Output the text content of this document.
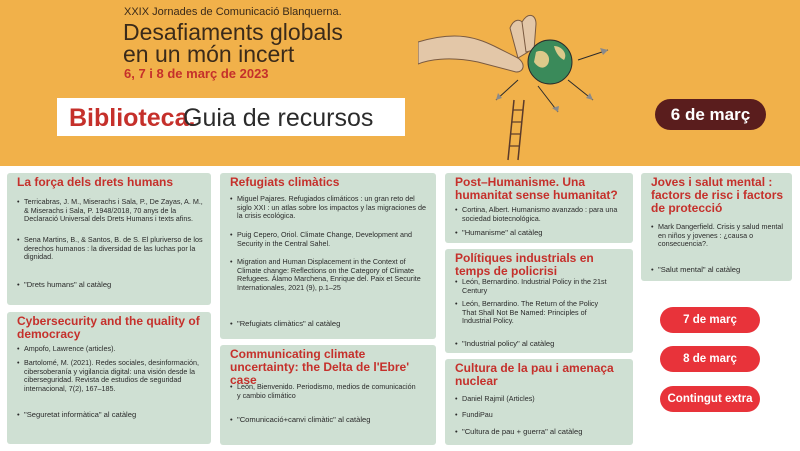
XXIX Jornades de Comunicació Blanquerna.
Desafiaments globals
en un món incert
6, 7 i 8 de març de 2023
Biblioteca.
Guia de recursos	6 de març
La força dels drets humans
• Terricabras, J. M., Miserachs i Sala, P., De Zayas, A. M., & Miserachs i Sala, P. 1948/2018, 70 anys de la Declaració Universal dels Drets Humans i texts afins.
• Sena Martins, B., & Santos, B. de S. El pluriverso de los derechos humanos : la diversidad de las luchas por la dignidad.
• "Drets humans" al catàleg
Cybersecurity and the quality of democracy
• Ampofo, Lawrence (articles).
• Bartolomé, M. (2021). Redes sociales, desinformación, cibersoberanía y vigilancia digital: una visión desde la ciberseguridad. Revista de estudios de seguridad internacional, 7(2), 167–185.
• "Seguretat informàtica" al catàleg
Refugiats climàtics
• Miguel Pajares. Refugiados climáticos : un gran reto del siglo XXI : un atlas sobre los impactos y las migraciones de la crisis ecológica.
• Puig Cepero, Oriol. Climate Change, Development and Security in the Central Sahel.
• Migration and Human Displacement in the Context of Climate change: Reflections on the Category of Climate Refugees. Álamo Marchena, Enrique del. Paix et Securite Internationales, 2021 (9), p.1–25
• "Refugiats climàtics" al catàleg
Communicating climate uncertainty: the Delta de l'Ebre' case
• León, Bienvenido. Periodismo, medios de comunicación y cambio climático
• "Comunicació+canvi climàtic" al catàleg
Post–Humanisme. Una humanitat sense humanitat?
• Cortina, Albert. Humanismo avanzado : para una sociedad biotecnológica.
• "Humanisme" al catàleg
Polítiques industrials en temps de policrisi
• León, Bernardino. Industrial Policy in the 21st Century
• León, Bernardino. The Return of the Policy That Shall Not Be Named: Principles of Industrial Policy.
• "Industrial policy" al catàleg
Cultura de la pau i amenaça nuclear
• Daniel Rajmil (Articles)
• FundiPau
• "Cultura de pau + guerra" al catàleg
Joves i salut mental : factors de risc i factors de protecció
• Mark Dangerfield. Crisis y salud mental en niños y jovenes : ¿causa o consecuencia?.
• "Salut mental" al catàleg
7 de març
8 de març
Contingut extra
